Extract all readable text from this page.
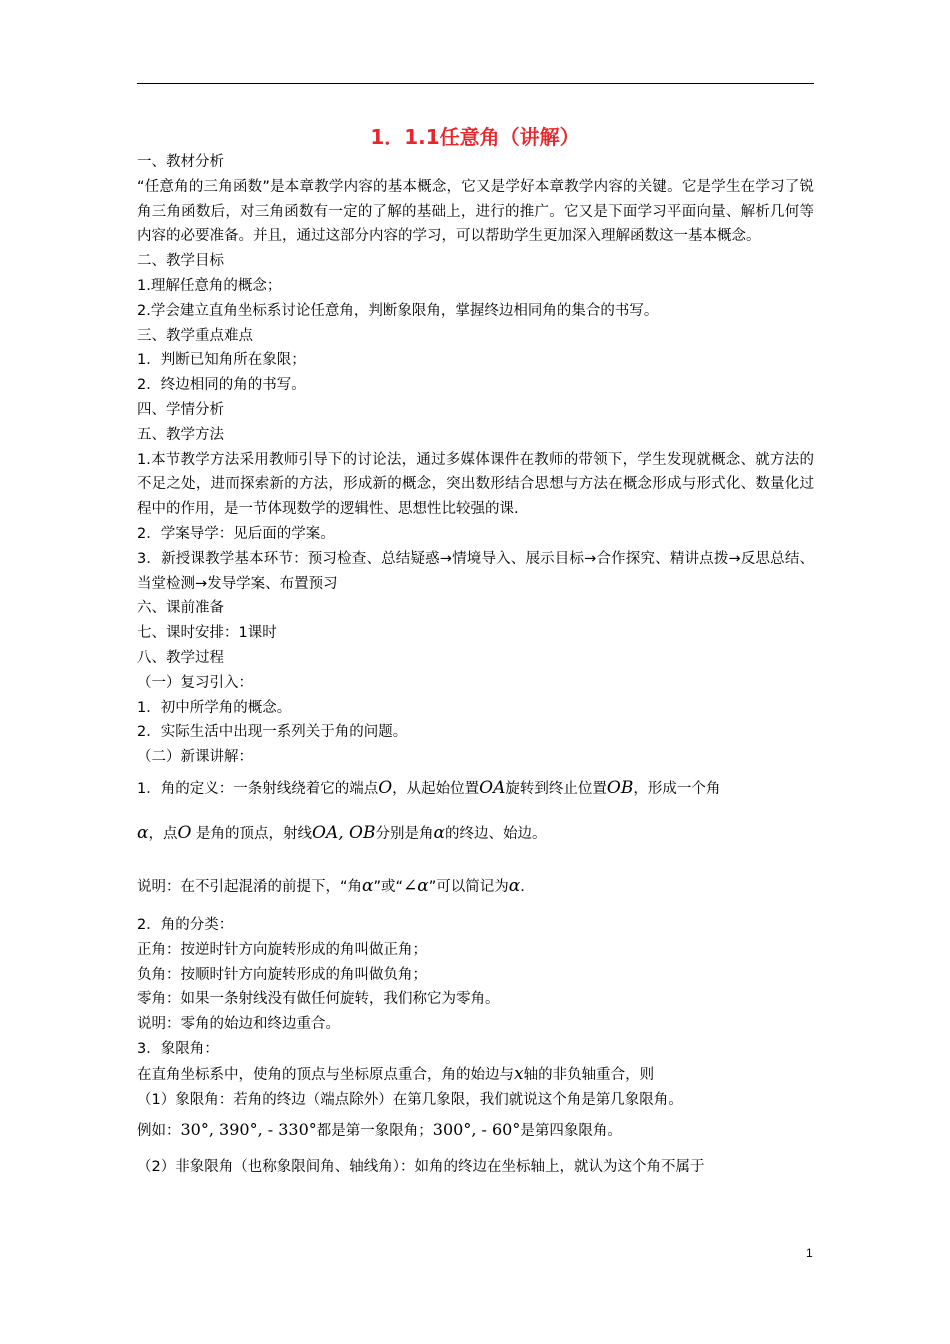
1．1.1任意角（讲解）

一、教材分析

“任意角的三角函数”是本章教学内容的基本概念，它又是学好本章教学内容的关键。它是学生在学习了锐角三角函数后，对三角函数有一定的了解的基础上，进行的推广。它又是下面学习平面向量、解析几何等内容的必要准备。并且，通过这部分内容的学习，可以帮助学生更加深入理解函数这一基本概念。

二、教学目标

1.理解任意角的概念；

2.学会建立直角坐标系讨论任意角，判断象限角，掌握终边相同角的集合的书写。

三、教学重点难点

1．判断已知角所在象限；

2．终边相同的角的书写。

四、学情分析

五、教学方法

1.本节教学方法采用教师引导下的讨论法，通过多媒体课件在教师的带领下，学生发现就概念、就方法的不足之处，进而探索新的方法，形成新的概念，突出数形结合思想与方法在概念形成与形式化、数量化过程中的作用，是一节体现数学的逻辑性、思想性比较强的课.

2．学案导学：见后面的学案。

3．新授课教学基本环节：预习检查、总结疑惑→情境导入、展示目标→合作探究、精讲点拨→反思总结、当堂检测→发导学案、布置预习

六、课前准备

七、课时安排：1课时

八、教学过程

（一）复习引入：

1．初中所学角的概念。

2．实际生活中出现一系列关于角的问题。

（二）新课讲解：

1．角的定义：一条射线绕着它的端点O，从起始位置OA旋转到终止位置OB，形成一个角

α，点O 是角的顶点，射线OA, OB分别是角α的终边、始边。

说明：在不引起混淆的前提下，“角α”或“∠α”可以简记为α.

2．角的分类：

正角：按逆时针方向旋转形成的角叫做正角；

负角：按顺时针方向旋转形成的角叫做负角；

零角：如果一条射线没有做任何旋转，我们称它为零角。

说明：零角的始边和终边重合。

3．象限角：

在直角坐标系中，使角的顶点与坐标原点重合，角的始边与x轴的非负轴重合，则

（1）象限角：若角的终边（端点除外）在第几象限，我们就说这个角是第几象限角。

例如：30°, 390°, - 330°都是第一象限角；300°, - 60°是第四象限角。

（2）非象限角（也称象限间角、轴线角）：如角的终边在坐标轴上，就认为这个角不属于

1
